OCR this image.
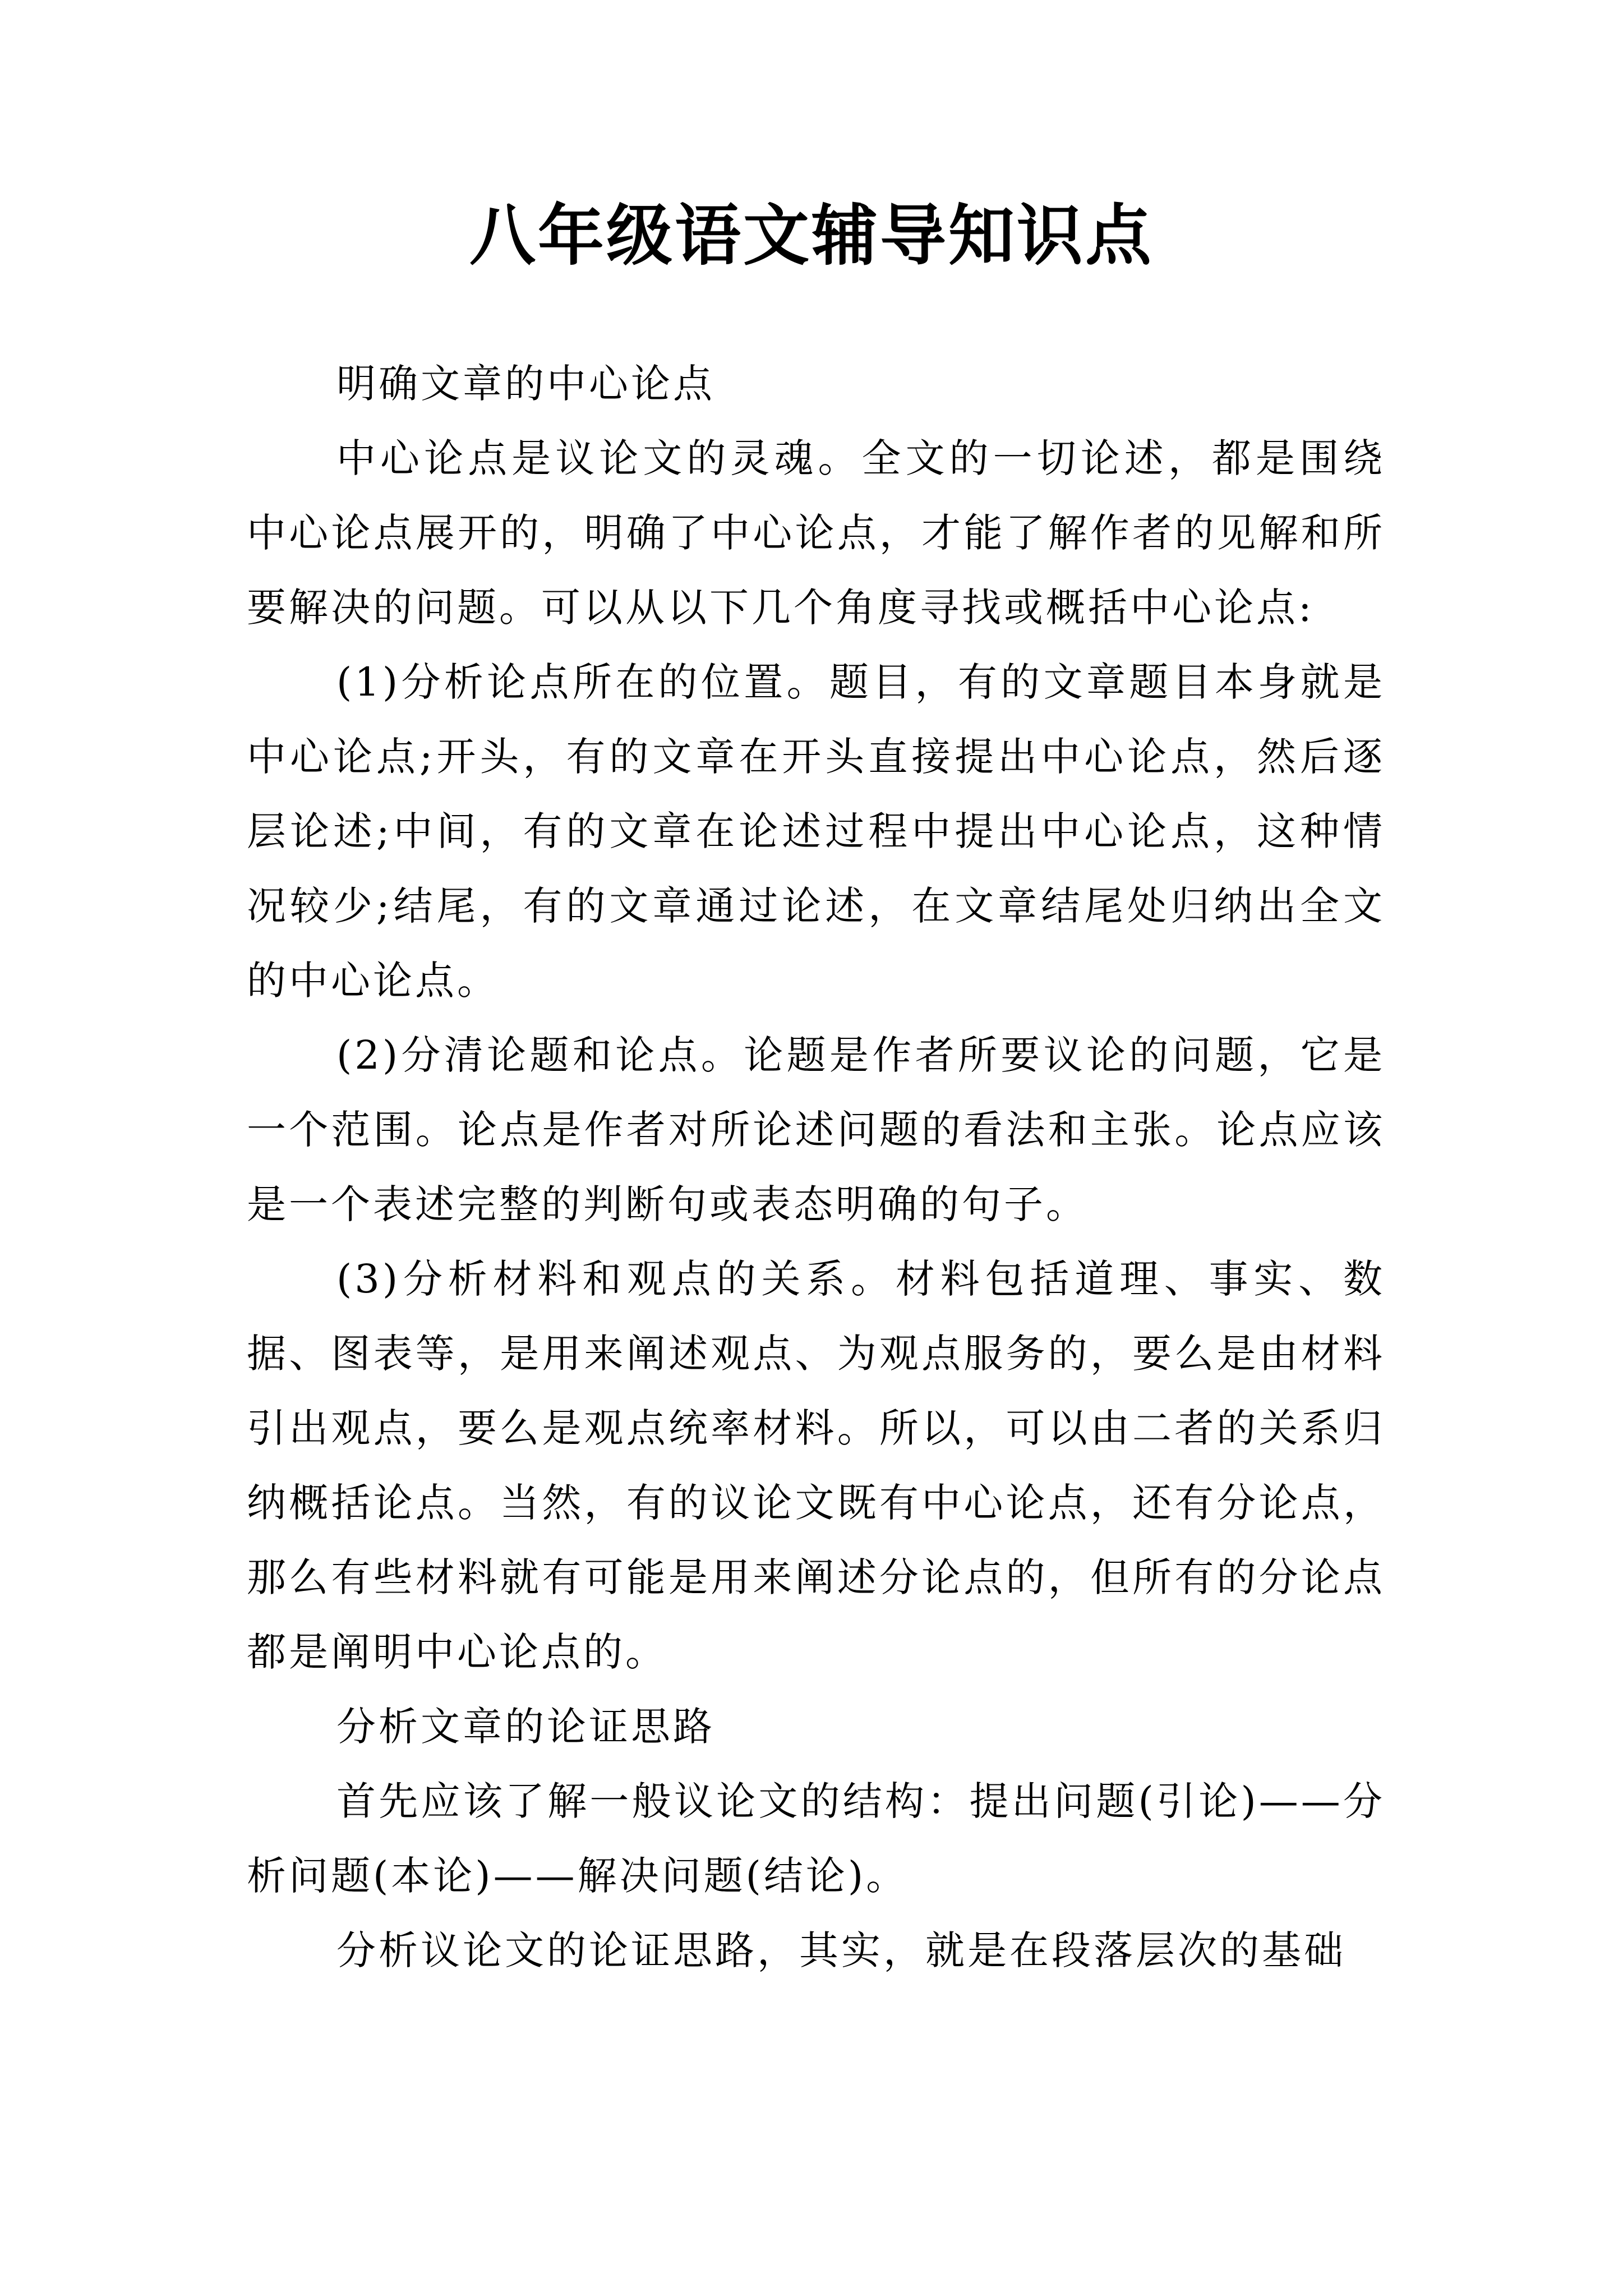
八年级语文辅导知识点

明确文章的中心论点

中心论点是议论文的灵魂。全文的一切论述，都是围绕中心论点展开的，明确了中心论点，才能了解作者的见解和所要解决的问题。可以从以下几个角度寻找或概括中心论点:

(1)分析论点所在的位置。题目，有的文章题目本身就是中心论点;开头，有的文章在开头直接提出中心论点，然后逐层论述;中间，有的文章在论述过程中提出中心论点，这种情况较少;结尾，有的文章通过论述，在文章结尾处归纳出全文的中心论点。

(2)分清论题和论点。论题是作者所要议论的问题，它是一个范围。论点是作者对所论述问题的看法和主张。论点应该是一个表述完整的判断句或表态明确的句子。

(3)分析材料和观点的关系。材料包括道理、事实、数据、图表等，是用来阐述观点、为观点服务的，要么是由材料引出观点，要么是观点统率材料。所以，可以由二者的关系归纳概括论点。当然，有的议论文既有中心论点，还有分论点，那么有些材料就有可能是用来阐述分论点的，但所有的分论点都是阐明中心论点的。

分析文章的论证思路

首先应该了解一般议论文的结构：提出问题(引论)——分析问题(本论)——解决问题(结论)。

分析议论文的论证思路，其实，就是在段落层次的基础
